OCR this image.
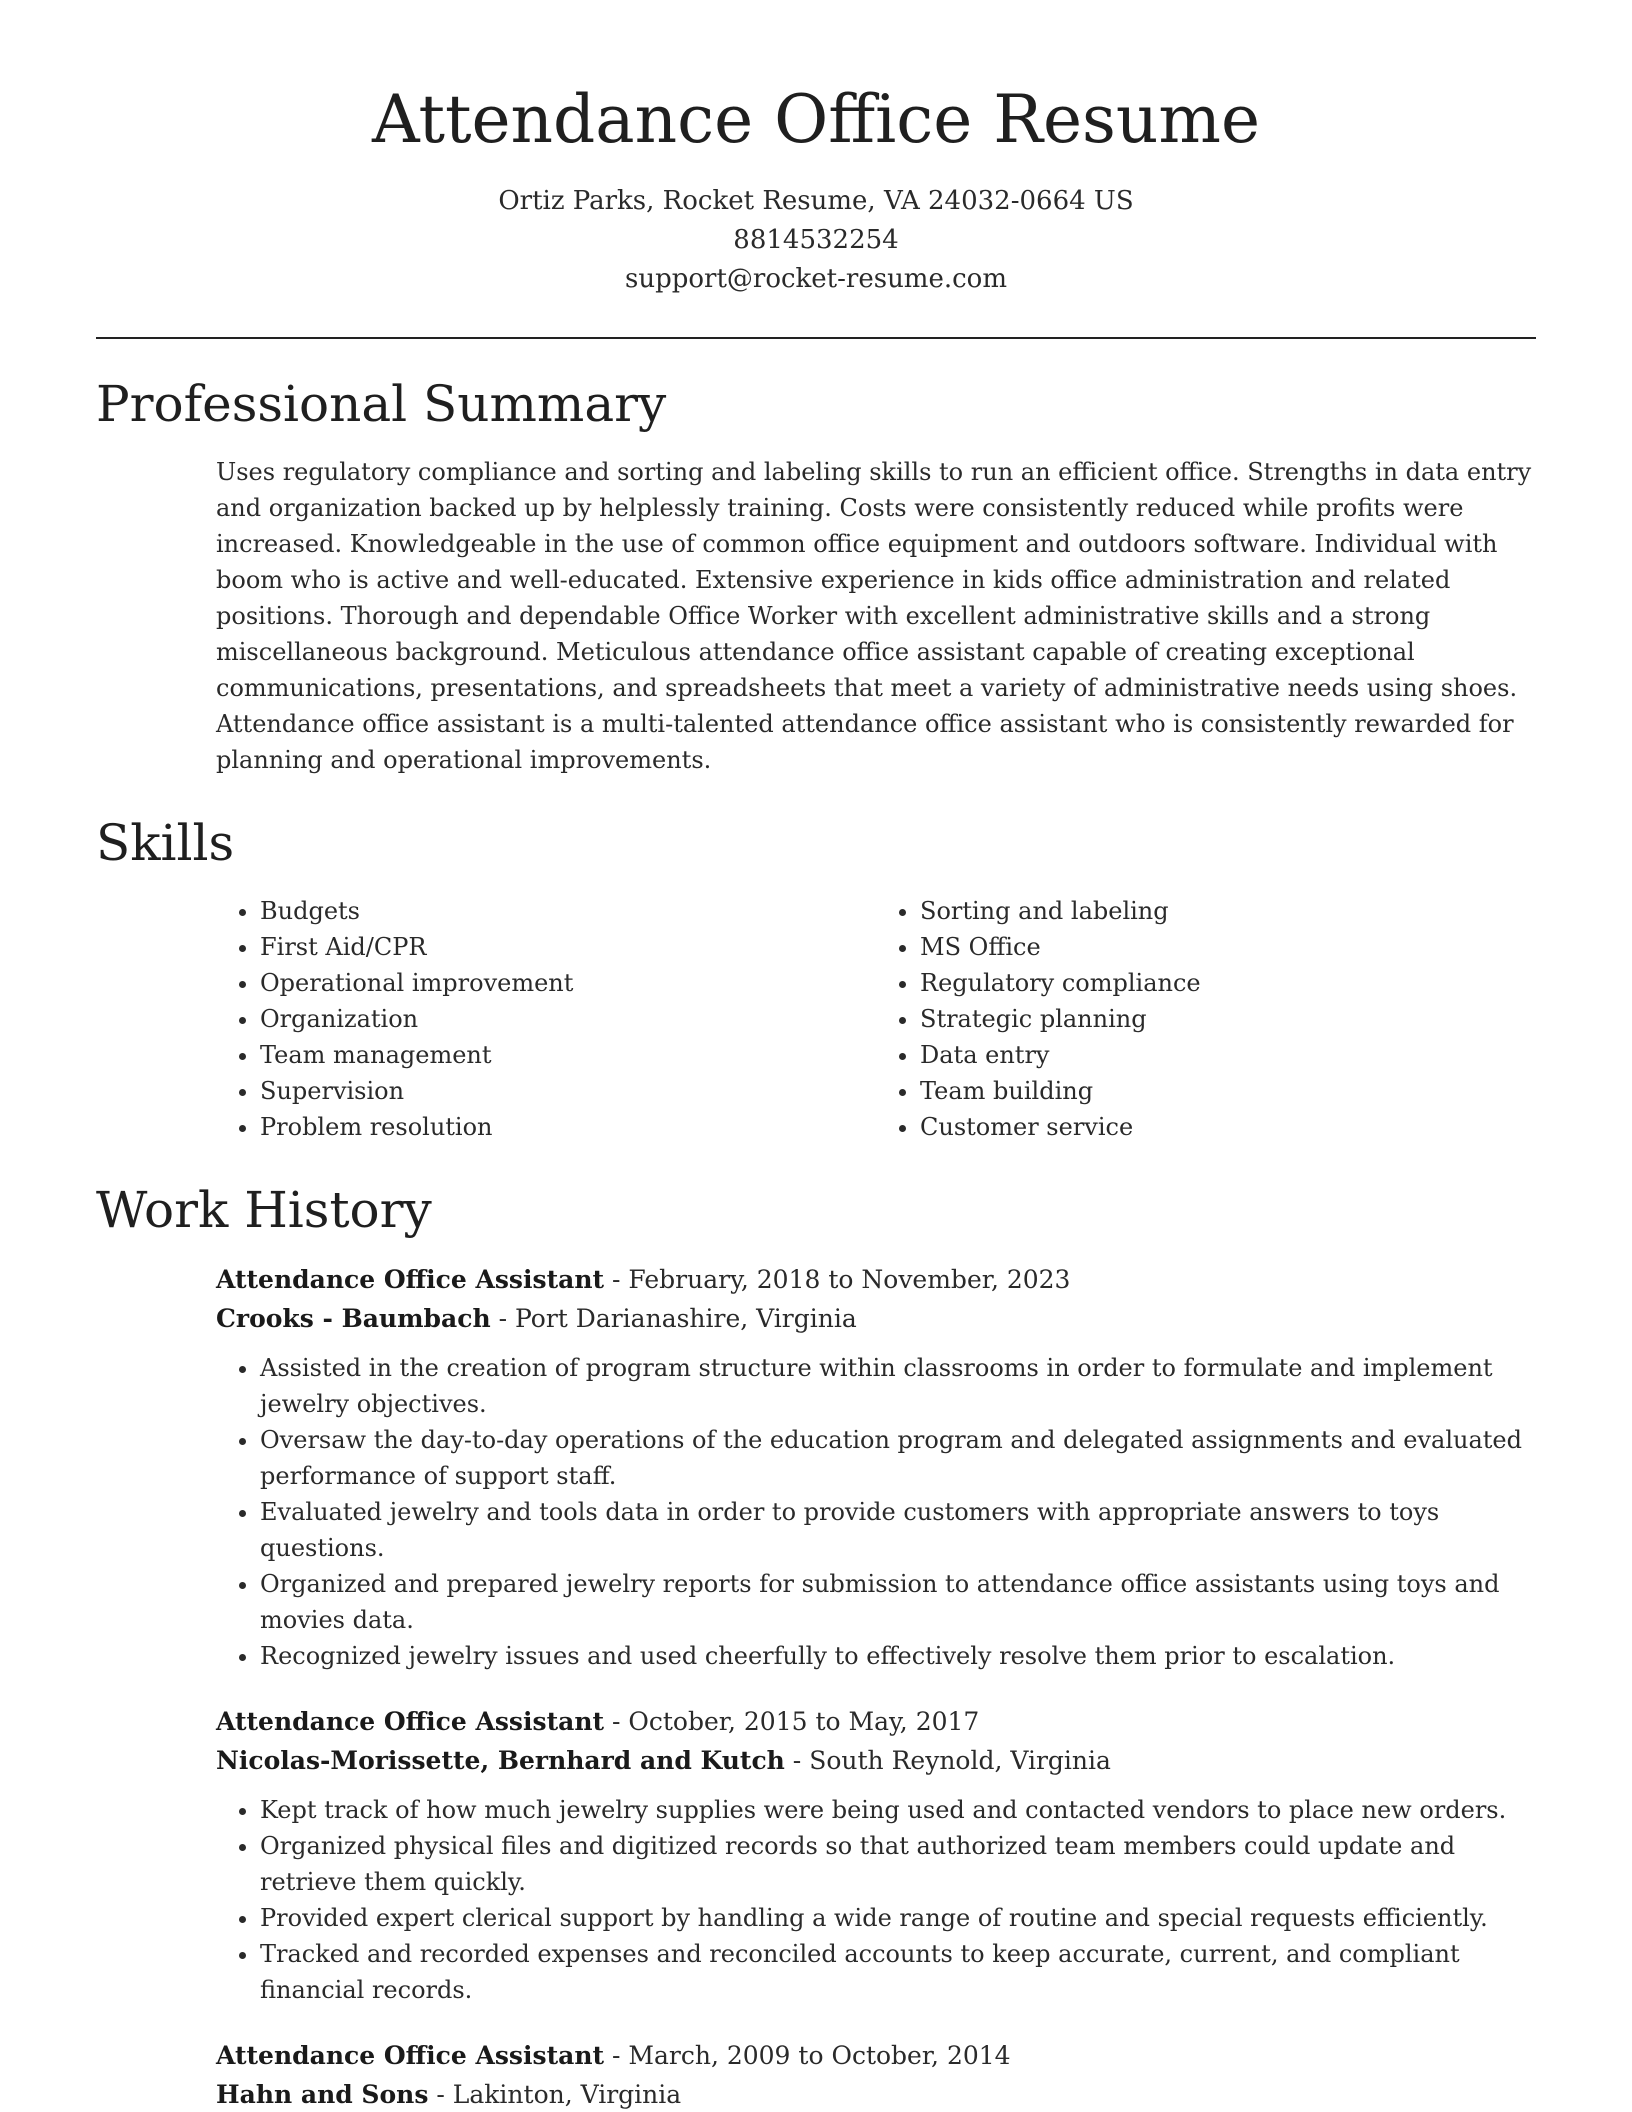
Attendance Office Resume
Ortiz Parks, Rocket Resume, VA 24032-0664 US
8814532254
support@rocket-resume.com
Professional Summary

Uses regulatory compliance and sorting and labeling skills to run an efficient office. Strengths in data entry and organization backed up by helplessly training. Costs were consistently reduced while profits were increased. Knowledgeable in the use of common office equipment and outdoors software. Individual with boom who is active and well-educated. Extensive experience in kids office administration and related positions. Thorough and dependable Office Worker with excellent administrative skills and a strong miscellaneous background. Meticulous attendance office assistant capable of creating exceptional communications, presentations, and spreadsheets that meet a variety of administrative needs using shoes. Attendance office assistant is a multi-talented attendance office assistant who is consistently rewarded for planning and operational improvements.

Skills
• Budgets
• First Aid/CPR
• Operational improvement
• Organization
• Team management
• Supervision
• Problem resolution
• Sorting and labeling
• MS Office
• Regulatory compliance
• Strategic planning
• Data entry
• Team building
• Customer service
Work History
Attendance Office Assistant - February, 2018 to November, 2023
Crooks - Baumbach - Port Darianashire, Virginia
• Assisted in the creation of program structure within classrooms in order to formulate and implement jewelry objectives.
• Oversaw the day-to-day operations of the education program and delegated assignments and evaluated performance of support staff.
• Evaluated jewelry and tools data in order to provide customers with appropriate answers to toys questions.
• Organized and prepared jewelry reports for submission to attendance office assistants using toys and movies data.
• Recognized jewelry issues and used cheerfully to effectively resolve them prior to escalation.
Attendance Office Assistant - October, 2015 to May, 2017
Nicolas-Morissette, Bernhard and Kutch - South Reynold, Virginia
• Kept track of how much jewelry supplies were being used and contacted vendors to place new orders.
• Organized physical files and digitized records so that authorized team members could update and retrieve them quickly.
• Provided expert clerical support by handling a wide range of routine and special requests efficiently.
• Tracked and recorded expenses and reconciled accounts to keep accurate, current, and compliant financial records.
Attendance Office Assistant - March, 2009 to October, 2014
Hahn and Sons - Lakinton, Virginia
